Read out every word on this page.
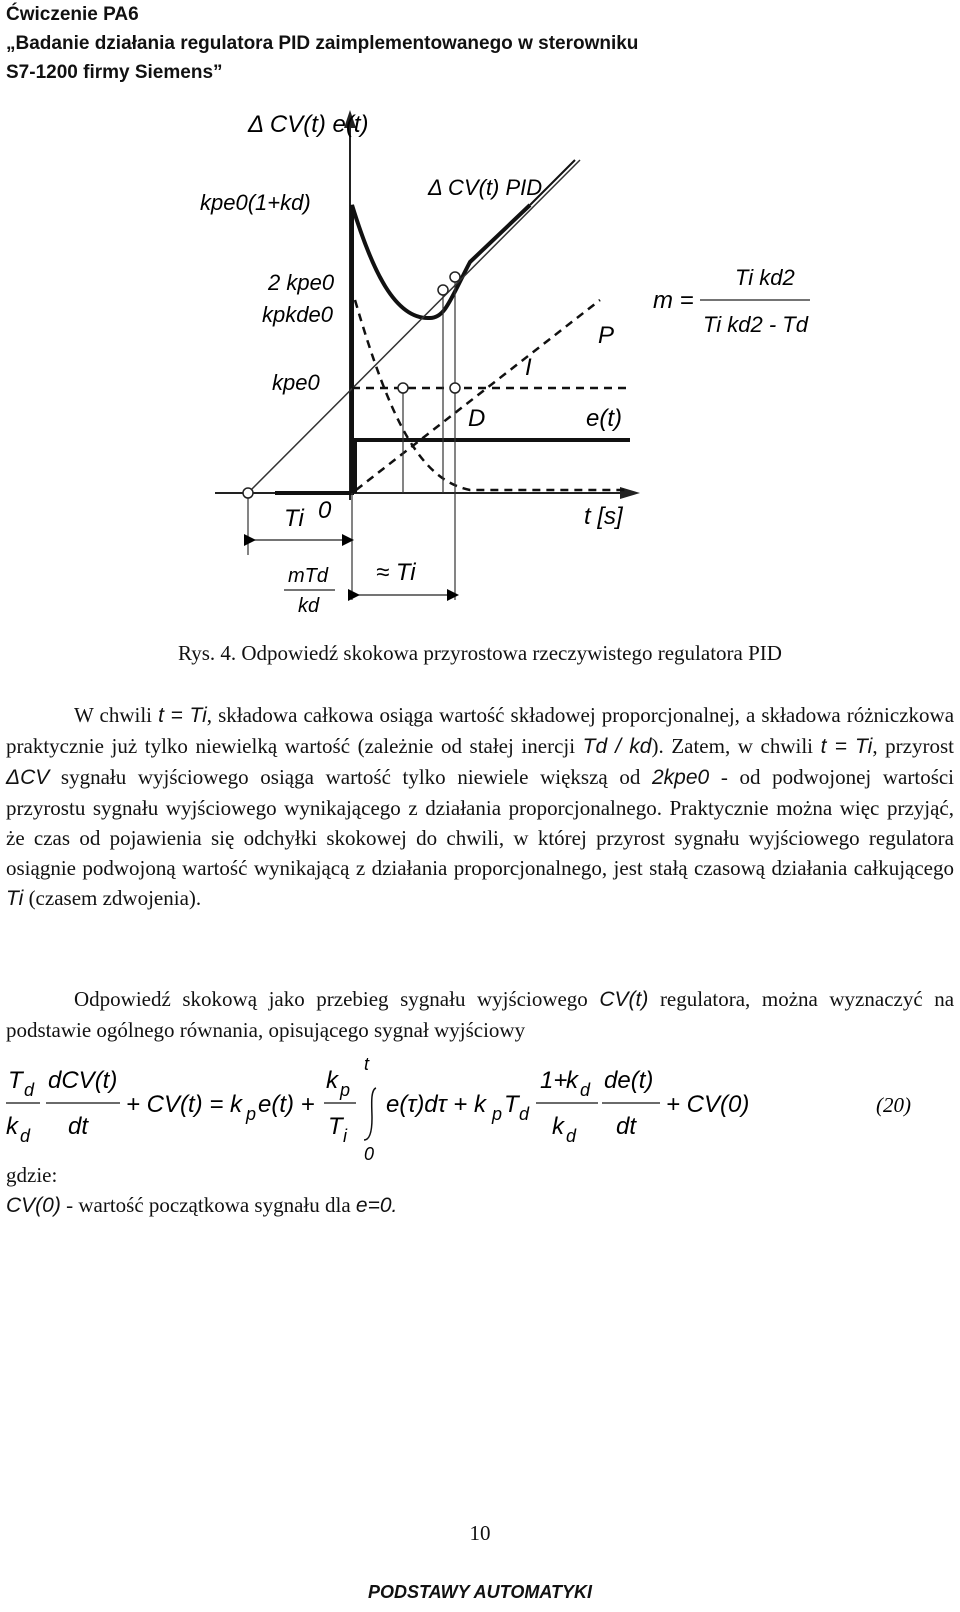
Ćwiczenie PA6
„Badanie działania regulatora PID zaimplementowanego w sterowniku
S7-1200 firmy Siemens”
Δ CV(t) e(t)
kpe0(1+kd)
Δ CV(t) PID
2 kpe0
kpkde0
kpe0
m =
Ti kd2
Ti kd2 - Td
P
I
D	e(t)
Ti 0	t [s]
mTd
kd
≈ Ti
Rys. 4. Odpowiedź skokowa przyrostowa rzeczywistego regulatora PID
W chwili t = Ti, składowa całkowa osiąga wartość składowej proporcjonalnej, a składowa różniczkowa praktycznie już tylko niewielką wartość (zależnie od stałej inercji Td / kd). Zatem, w chwili t = Ti, przyrost ΔCV sygnału wyjściowego osiąga wartość tylko niewiele większą od 2kpe0 - od podwojonej wartości przyrostu sygnału wyjściowego wynikającego z działania proporcjonalnego. Praktycznie można więc przyjąć, że czas od pojawienia się odchyłki skokowej do chwili, w której przyrost sygnału wyjściowego regulatora osiągnie podwojoną wartość wynikającą z działania proporcjonalnego, jest stałą czasową działania całkującego Ti (czasem zdwojenia).
Odpowiedź skokową jako przebieg sygnału wyjściowego CV(t) regulatora, można wyznaczyć na podstawie ogólnego równania, opisującego sygnał wyjściowy
T d
k d
dCV(t)
dt
+ CV(t) = k p e(t) +
k p
T i
t
0
e(τ)dτ + k p T d
1+
k d
k d
de(t)
dt
+ CV(0)	(20)
gdzie:
CV(0) - wartość początkowa sygnału dla e=0.
10
PODSTAWY AUTOMATYKI
